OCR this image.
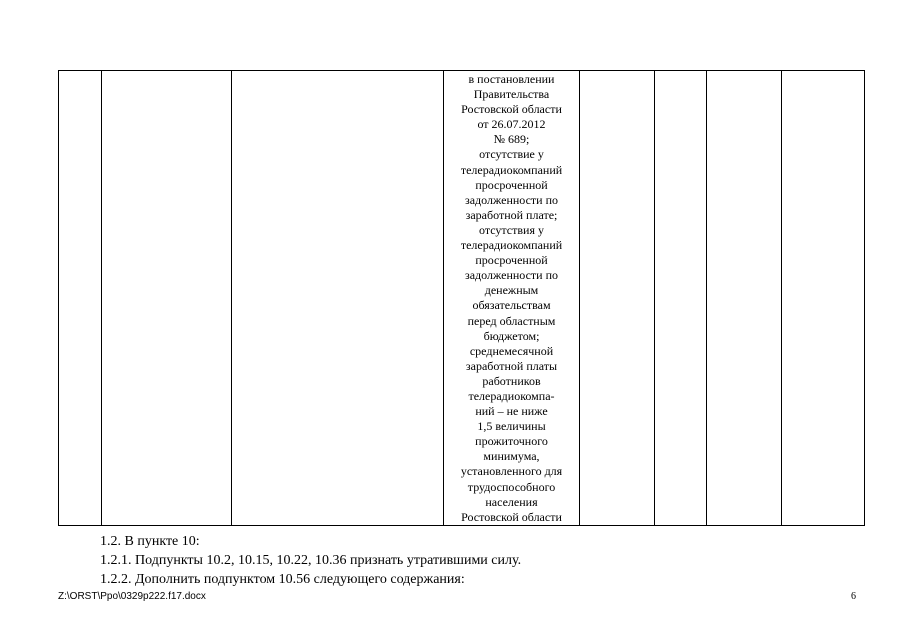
в постановлении
Правительства
Ростовской области
от 26.07.2012
№ 689;
отсутствие у
телерадиокомпаний
просроченной
задолженности по
заработной плате;
отсутствия у
телерадиокомпаний
просроченной
задолженности по
денежным
обязательствам
перед областным
бюджетом;
среднемесячной
заработной платы
работников
телерадиокомпа-
ний – не ниже
1,5 величины
прожиточного
минимума,
установленного для
трудоспособного
населения
Ростовской области

1.2. В пункте 10:
1.2.1. Подпункты 10.2, 10.15, 10.22, 10.36 признать утратившими силу.
1.2.2. Дополнить подпунктом 10.56 следующего содержания:
Z:\ORST\Ppo\0329p222.f17.docx	6
